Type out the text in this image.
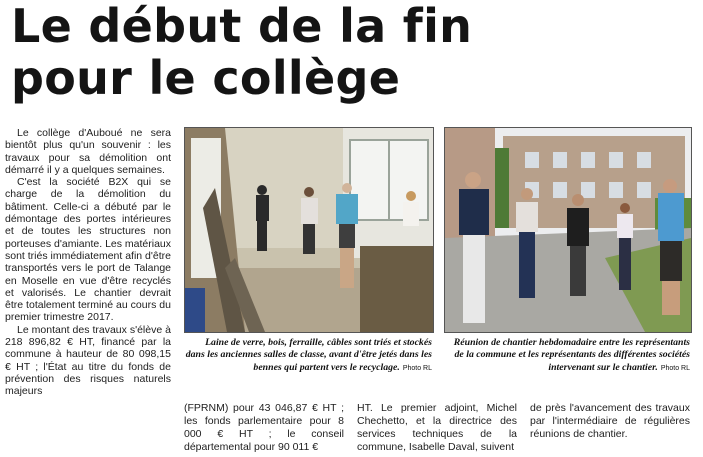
Le début de la fin
pour le collège

Le collège d'Auboué ne sera bientôt plus qu'un souvenir : les travaux pour sa démolition ont démarré il y a quelques semaines.

C'est la société B2X qui se charge de la démolition du bâtiment. Celle-ci a débuté par le démontage des portes intérieures et de toutes les structures non porteuses d'amiante. Les matériaux sont triés immédiatement afin d'être transportés vers le port de Talange en Moselle en vue d'être recyclés et valorisés. Le chantier devrait être totalement terminé au cours du premier trimestre 2017.

Le montant des travaux s'élève à 218 896,82 € HT, financé par la commune à hauteur de 80 098,15 € HT ; l'État au titre du fonds de prévention des risques naturels majeurs

Laine de verre, bois, ferraille, câbles sont triés et stockés dans les anciennes salles de classe, avant d'être jetés dans les bennes qui partent vers le recyclage. Photo RL
Réunion de chantier hebdomadaire entre les représentants de la commune et les représentants des différentes sociétés intervenant sur le chantier. Photo RL

(FPRNM) pour 43 046,87 € HT ; les fonds parlementaire pour 8 000 € HT ; le conseil départemental pour 90 011 €

HT. Le premier adjoint, Michel Chechetto, et la directrice des services techniques de la commune, Isabelle Daval, suivent

de près l'avancement des travaux par l'intermédiaire de régulières réunions de chantier.
